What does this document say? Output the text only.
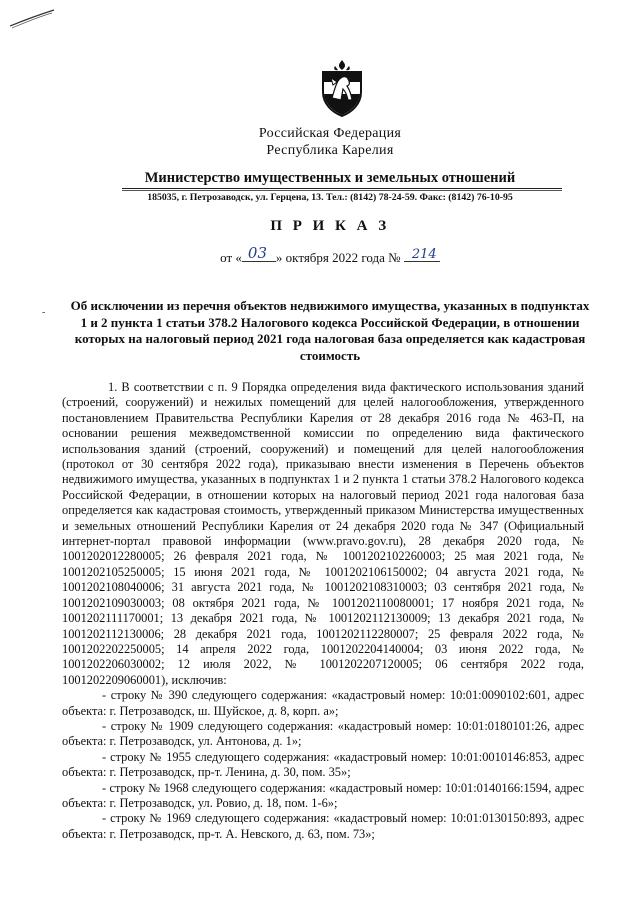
Российская Федерация
Республика Карелия
Министерство имущественных и земельных отношений
185035, г. Петрозаводск, ул. Герцена, 13. Тел.: (8142) 78-24-59. Факс: (8142) 76-10-95
П Р И К А З
от « 03 » октября 2022 года № 214
‐ Об исключении из перечня объектов недвижимого имущества, указанных в подпунктах 1 и 2 пункта 1 статьи 378.2 Налогового кодекса Российской Федерации, в отношении которых на налоговый период 2021 года налоговая база определяется как кадастровая стоимость

1. В соответствии с п. 9 Порядка определения вида фактического использования зданий (строений, сооружений) и нежилых помещений для целей налогообложения, утвержденного постановлением Правительства Республики Карелия от 28 декабря 2016 года № 463-П, на основании решения межведомственной комиссии по определению вида фактического использования зданий (строений, сооружений) и помещений для целей налогообложения (протокол от 30 сентября 2022 года), приказываю внести изменения в Перечень объектов недвижимого имущества, указанных в подпунктах 1 и 2 пункта 1 статьи 378.2 Налогового кодекса Российской Федерации, в отношении которых на налоговый период 2021 года налоговая база определяется как кадастровая стоимость, утвержденный приказом Министерства имущественных и земельных отношений Республики Карелия от 24 декабря 2020 года № 347 (Официальный интернет-портал правовой информации (www.pravo.gov.ru), 28 декабря 2020 года, № 1001202012280005; 26 февраля 2021 года, № 1001202102260003; 25 мая 2021 года, № 1001202105250005; 15 июня 2021 года, № 1001202106150002; 04 августа 2021 года, № 1001202108040006; 31 августа 2021 года, № 1001202108310003; 03 сентября 2021 года, № 1001202109030003; 08 октября 2021 года, № 1001202110080001; 17 ноября 2021 года, № 1001202111170001; 13 декабря 2021 года, № 1001202112130009; 13 декабря 2021 года, № 1001202112130006; 28 декабря 2021 года, 1001202112280007; 25 февраля 2022 года, № 1001202202250005; 14 апреля 2022 года, 1001202204140004; 03 июня 2022 года, № 1001202206030002; 12 июля 2022, № 1001202207120005; 06 сентября 2022 года, 1001202209060001), исключив:

- строку № 390 следующего содержания: «кадастровый номер: 10:01:0090102:601, адрес объекта: г. Петрозаводск, ш. Шуйское, д. 8, корп. а»;

- строку № 1909 следующего содержания: «кадастровый номер: 10:01:0180101:26, адрес объекта: г. Петрозаводск, ул. Антонова, д. 1»;

- строку № 1955 следующего содержания: «кадастровый номер: 10:01:0010146:853, адрес объекта: г. Петрозаводск, пр-т. Ленина, д. 30, пом. 35»;

- строку № 1968 следующего содержания: «кадастровый номер: 10:01:0140166:1594, адрес объекта: г. Петрозаводск, ул. Ровио, д. 18, пом. 1-6»;

- строку № 1969 следующего содержания: «кадастровый номер: 10:01:0130150:893, адрес объекта: г. Петрозаводск, пр-т. А. Невского, д. 63, пом. 73»;
